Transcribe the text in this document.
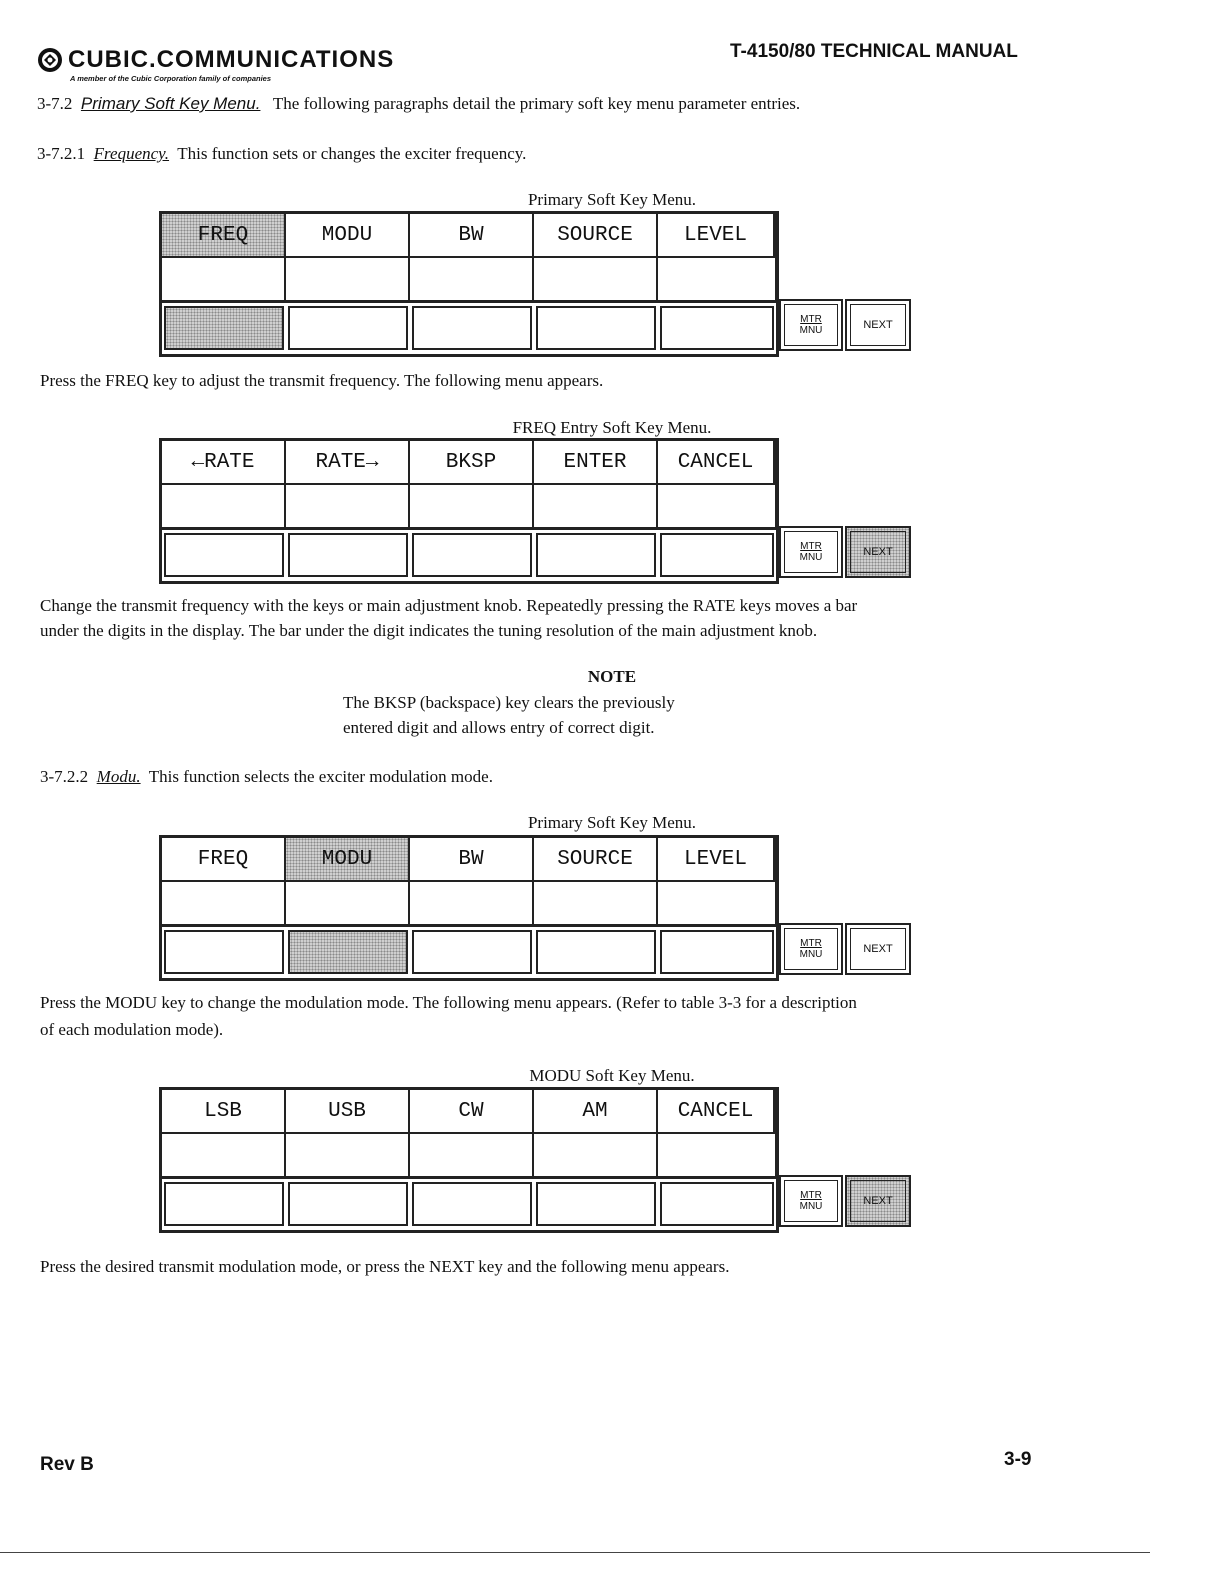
CUBIC.COMMUNICATIONS
A member of the Cubic Corporation family of companies
T-4150/80 TECHNICAL MANUAL
3-7.2 Primary Soft Key Menu. The following paragraphs detail the primary soft key menu parameter entries.
3-7.2.1 Frequency. This function sets or changes the exciter frequency.
Primary Soft Key Menu.
FREQ	MODU	BW	SOURCE	LEVEL
MTR
MNU	NEXT
Press the FREQ key to adjust the transmit frequency. The following menu appears.
FREQ Entry Soft Key Menu.
←RATE	RATE→	BKSP	ENTER	CANCEL
MTR
MNU	NEXT
Change the transmit frequency with the keys or main adjustment knob. Repeatedly pressing the RATE keys moves a bar
under the digits in the display. The bar under the digit indicates the tuning resolution of the main adjustment knob.
NOTE
The BKSP (backspace) key clears the previously
entered digit and allows entry of correct digit.
3-7.2.2 Modu. This function selects the exciter modulation mode.
Primary Soft Key Menu.
FREQ	MODU	BW	SOURCE	LEVEL
MTR
MNU	NEXT
Press the MODU key to change the modulation mode. The following menu appears. (Refer to table 3-3 for a description
of each modulation mode).
MODU Soft Key Menu.
LSB	USB	CW	AM	CANCEL
MTR
MNU	NEXT
Press the desired transmit modulation mode, or press the NEXT key and the following menu appears.
Rev B	3-9
